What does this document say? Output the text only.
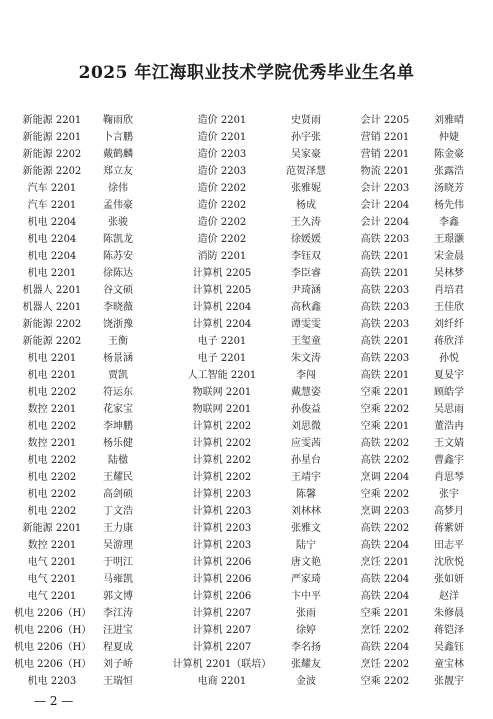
2025 年江海职业技术学院优秀毕业生名单
新能源 2201	鞠雨欣	造价 2201	史贤雨	会计 2205	刘雅晴
新能源 2201	卜言鹏	造价 2201	孙宇张	营销 2201	仲婕
新能源 2202	戴鹤麟	造价 2203	吴家豪	营销 2201	陈金豪
新能源 2202	郑立友	造价 2203	范贺泽慧	物流 2201	张露浩
汽车 2201	徐伟	造价 2202	张雅妮	会计 2203	汤晓芳
汽车 2201	孟伟豪	造价 2202	杨成	会计 2204	杨先伟
机电 2204	张骏	造价 2202	王久涛	会计 2204	李鑫
机电 2204	陈凯龙	造价 2202	徐媛媛	高铁 2203	王璟灏
机电 2204	陈苏安	消防 2201	李钰双	高铁 2201	宋金晨
机电 2201	徐陈达	计算机 2205	李臣睿	高铁 2201	吴林梦
机器人 2201	谷文硕	计算机 2205	尹琦涵	高铁 2203	肖培君
机器人 2201	李晓薇	计算机 2204	高秋鑫	高铁 2203	王佳欣
新能源 2202	饶浙豫	计算机 2204	谭雯雯	高铁 2203	刘纤纤
新能源 2202	王衡	电子 2201	王玺童	高铁 2201	蒋欣洋
机电 2201	杨景涵	电子 2201	朱文涛	高铁 2203	孙悦
机电 2201	贾凯	人工智能 2201	李闯	高铁 2201	夏妟宇
机电 2202	符运东	物联网 2201	戴慧姿	空乘 2201	顾皓学
数控 2201	花家宝	物联网 2201	孙俊益	空乘 2202	吴思雨
机电 2202	李坤鹏	计算机 2202	刘思微	空乘 2201	董浩冉
数控 2201	杨乐健	计算机 2202	应雯茜	高铁 2202	王文婧
机电 2202	陆楹	计算机 2202	孙星台	高铁 2202	曹鑫宇
机电 2202	王耀民	计算机 2202	王靖宇	烹调 2204	肖思琴
机电 2202	高剑硕	计算机 2203	陈馨	空乘 2202	张宇
机电 2202	丁文浩	计算机 2203	刘林林	烹调 2203	高梦月
新能源 2201	王力康	计算机 2203	张雅文	高铁 2202	蒋紫妍
数控 2201	吴游理	计算机 2203	陆宁	高铁 2204	田志平
电气 2201	于明江	计算机 2206	唐文艳	烹饪 2201	沈欣悦
电气 2201	马雍凯	计算机 2206	严家琦	高铁 2204	张如妍
电气 2201	郭文博	计算机 2206	卞中平	高铁 2204	赵洋
机电 2206（H）	李江涛	计算机 2207	张雨	空乘 2201	朱修晨
机电 2206（H）	汪进宝	计算机 2207	徐婷	烹饪 2202	蒋铠泽
机电 2206（H）	程夏成	计算机 2207	李名扬	高铁 2204	吴鑫钰
机电 2206（H）	刘子峤	计算机 2201（联培）	张耀友	烹饪 2202	童宝林
机电 2203	王瑞恒	电商 2201	金波	空乘 2202	张靓宇
— 2 —
